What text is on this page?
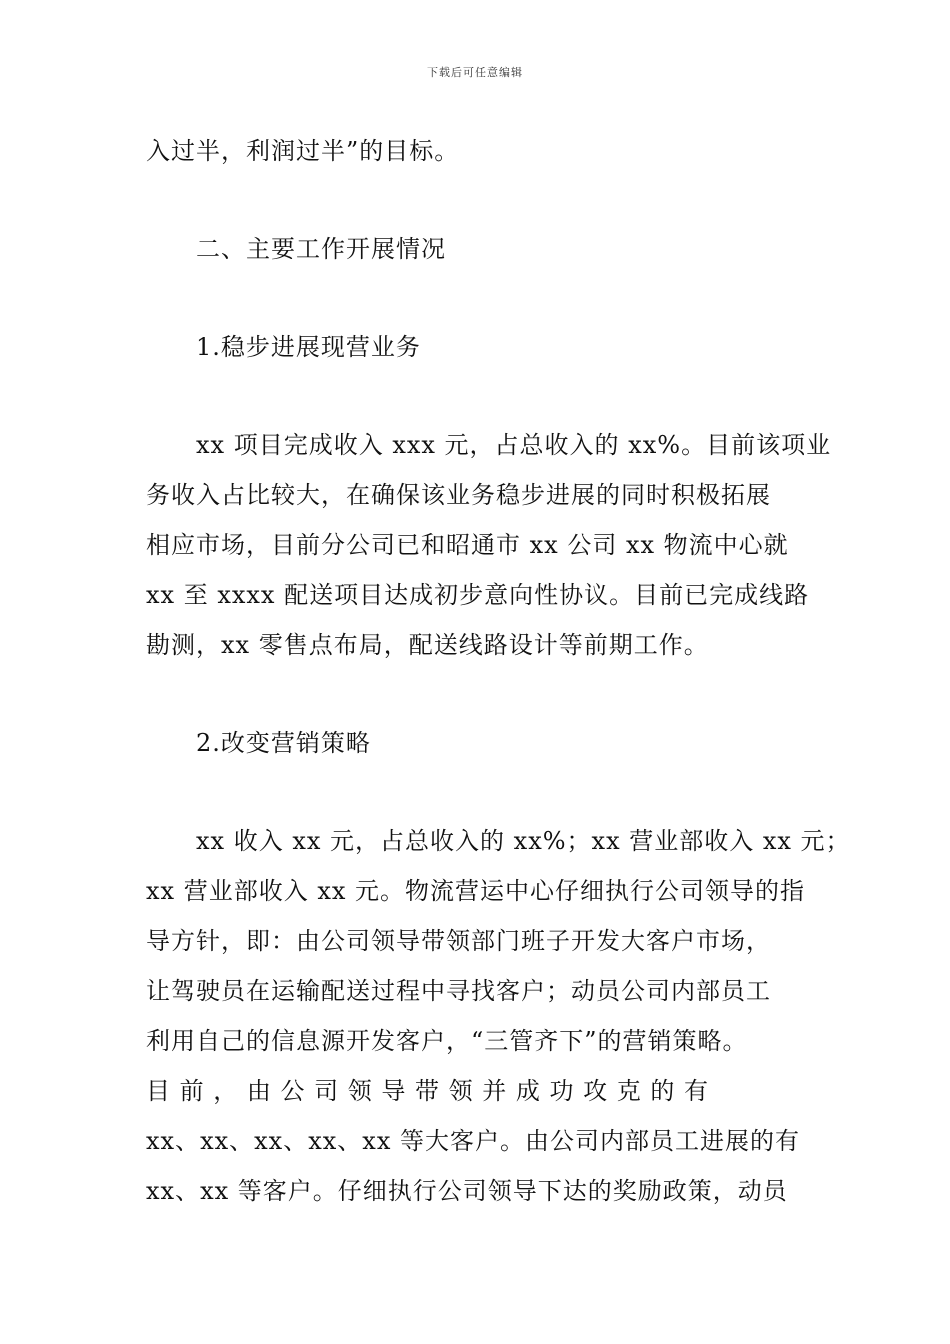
下载后可任意编辑
入过半，利润过半”的目标。
二、主要工作开展情况
1.稳步进展现营业务
xx 项目完成收入 xxx 元，占总收入的 xx%。目前该项业
务收入占比较大，在确保该业务稳步进展的同时积极拓展
相应市场，目前分公司已和昭通市 xx 公司 xx 物流中心就
xx 至 xxxx 配送项目达成初步意向性协议。目前已完成线路
勘测，xx 零售点布局，配送线路设计等前期工作。
2.改变营销策略
xx 收入 xx 元，占总收入的 xx%；xx 营业部收入 xx 元；
xx 营业部收入 xx 元。物流营运中心仔细执行公司领导的指
导方针，即：由公司领导带领部门班子开发大客户市场，
让驾驶员在运输配送过程中寻找客户；动员公司内部员工
利用自己的信息源开发客户，“三管齐下”的营销策略。
目 前 ， 由 公 司 领 导 带 领 并 成 功 攻 克 的 有
xx、xx、xx、xx、xx 等大客户。由公司内部员工进展的有
xx、xx 等客户。仔细执行公司领导下达的奖励政策，动员
